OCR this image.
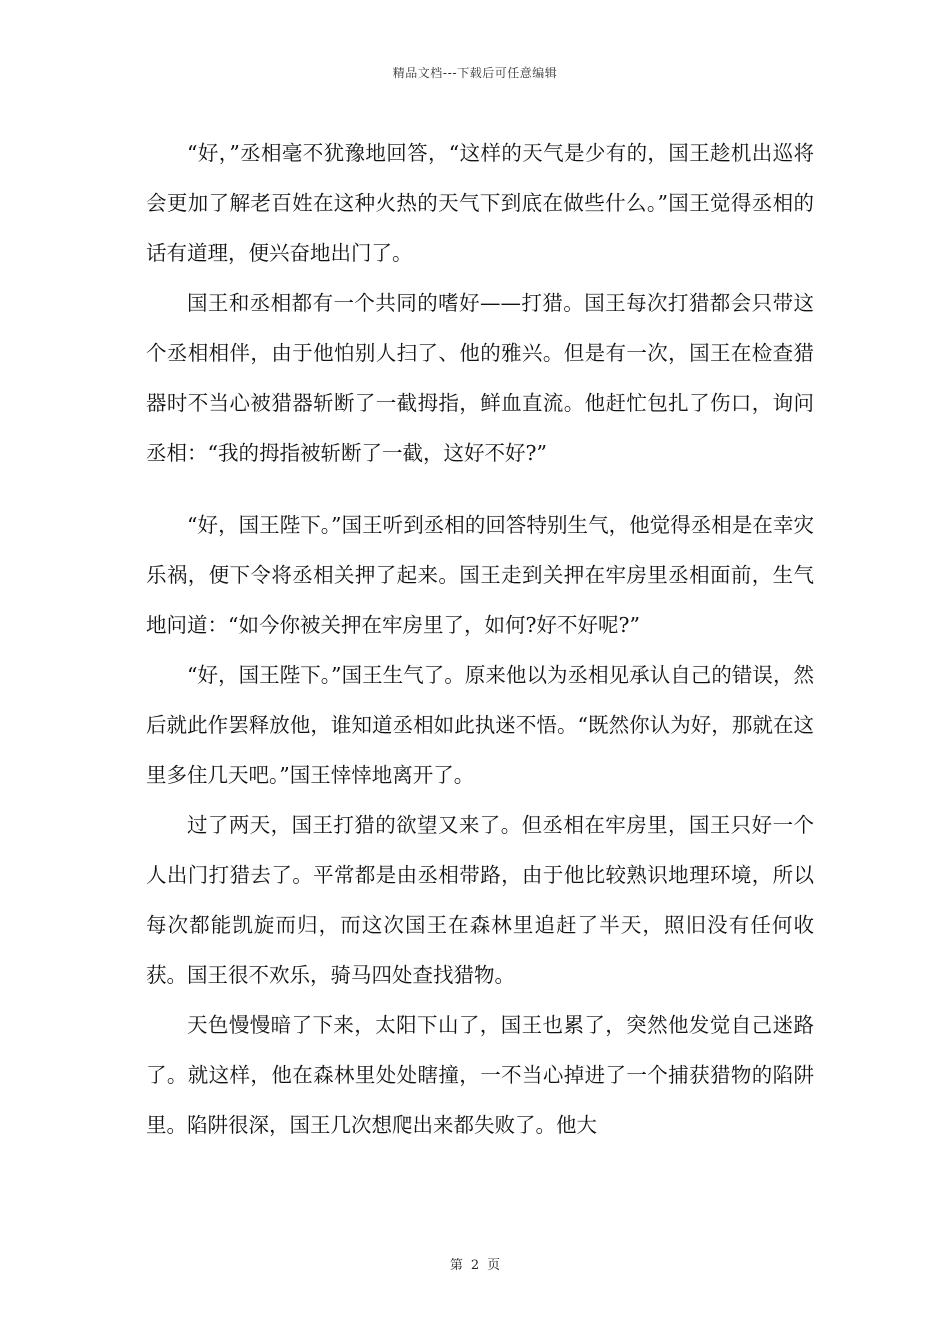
精品文档---下载后可任意编辑

“好，”丞相毫不犹豫地回答，“这样的天气是少有的，国王趁机出巡将会更加了解老百姓在这种火热的天气下到底在做些什么。”国王觉得丞相的话有道理，便兴奋地出门了。

国王和丞相都有一个共同的嗜好——打猎。国王每次打猎都会只带这个丞相相伴，由于他怕别人扫了、他的雅兴。但是有一次，国王在检查猎器时不当心被猎器斩断了一截拇指，鲜血直流。他赶忙包扎了伤口，询问丞相：“我的拇指被斩断了一截，这好不好?”

“好，国王陛下。”国王听到丞相的回答特别生气，他觉得丞相是在幸灾乐祸，便下令将丞相关押了起来。国王走到关押在牢房里丞相面前，生气地问道：“如今你被关押在牢房里了，如何?好不好呢?”

“好，国王陛下。”国王生气了。原来他以为丞相见承认自己的错误，然后就此作罢释放他，谁知道丞相如此执迷不悟。“既然你认为好，那就在这里多住几天吧。”国王悻悻地离开了。

过了两天，国王打猎的欲望又来了。但丞相在牢房里，国王只好一个人出门打猎去了。平常都是由丞相带路，由于他比较熟识地理环境，所以每次都能凯旋而归，而这次国王在森林里追赶了半天，照旧没有任何收获。国王很不欢乐，骑马四处查找猎物。

天色慢慢暗了下来，太阳下山了，国王也累了，突然他发觉自己迷路了。就这样，他在森林里处处瞎撞，一不当心掉进了一个捕获猎物的陷阱里。陷阱很深，国王几次想爬出来都失败了。他大

第 2 页
